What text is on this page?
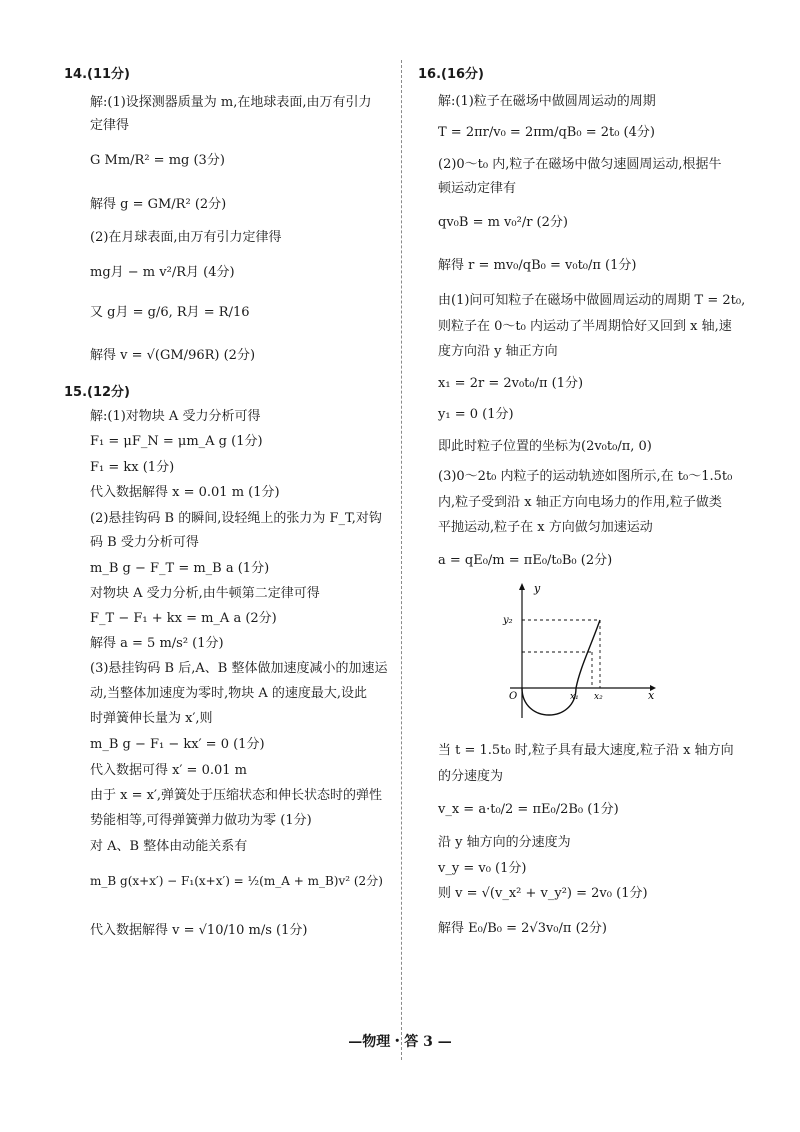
14.(11分)
解:(1)设探测器质量为 m,在地球表面,由万有引力
定律得
G Mm/R² = mg (3分)
解得 g = GM/R² (2分)
(2)在月球表面,由万有引力定律得
mg月 − m v²/R月 (4分)
又 g月 = g/6, R月 = R/16
解得 v = √(GM/96R) (2分)
15.(12分)
解:(1)对物块 A 受力分析可得
F₁ = μF_N = μm_A g (1分)
F₁ = kx (1分)
代入数据解得 x = 0.01 m (1分)
(2)悬挂钩码 B 的瞬间,设轻绳上的张力为 F_T,对钩
码 B 受力分析可得
m_B g − F_T = m_B a (1分)
对物块 A 受力分析,由牛顿第二定律可得
F_T − F₁ + kx = m_A a (2分)
解得 a = 5 m/s² (1分)
(3)悬挂钩码 B 后,A、B 整体做加速度减小的加速运
动,当整体加速度为零时,物块 A 的速度最大,设此
时弹簧伸长量为 x′,则
m_B g − F₁ − kx′ = 0 (1分)
代入数据可得 x′ = 0.01 m
由于 x = x′,弹簧处于压缩状态和伸长状态时的弹性
势能相等,可得弹簧弹力做功为零 (1分)
对 A、B 整体由动能关系有
m_B g(x+x′) − F₁(x+x′) = ½(m_A + m_B)v² (2分)
代入数据解得 v = √10/10 m/s (1分)
16.(16分)
解:(1)粒子在磁场中做圆周运动的周期
T = 2πr/v₀ = 2πm/qB₀ = 2t₀ (4分)
(2)0～t₀ 内,粒子在磁场中做匀速圆周运动,根据牛
顿运动定律有
qv₀B = m v₀²/r (2分)
解得 r = mv₀/qB₀ = v₀t₀/π (1分)
由(1)问可知粒子在磁场中做圆周运动的周期 T = 2t₀,
则粒子在 0～t₀ 内运动了半周期恰好又回到 x 轴,速
度方向沿 y 轴正方向
x₁ = 2r = 2v₀t₀/π (1分)
y₁ = 0 (1分)
即此时粒子位置的坐标为(2v₀t₀/π, 0)
(3)0～2t₀ 内粒子的运动轨迹如图所示,在 t₀～1.5t₀
内,粒子受到沿 x 轴正方向电场力的作用,粒子做类
平抛运动,粒子在 x 方向做匀加速运动
a = qE₀/m = πE₀/t₀B₀ (2分)
当 t = 1.5t₀ 时,粒子具有最大速度,粒子沿 x 轴方向
的分速度为
v_x = a·t₀/2 = πE₀/2B₀ (1分)
沿 y 轴方向的分速度为
v_y = v₀ (1分)
则 v = √(v_x² + v_y²) = 2v₀ (1分)
解得 E₀/B₀ = 2√3v₀/π (2分)
y
y₂
O	x₁ x₂	x
—物理・答 3 —
